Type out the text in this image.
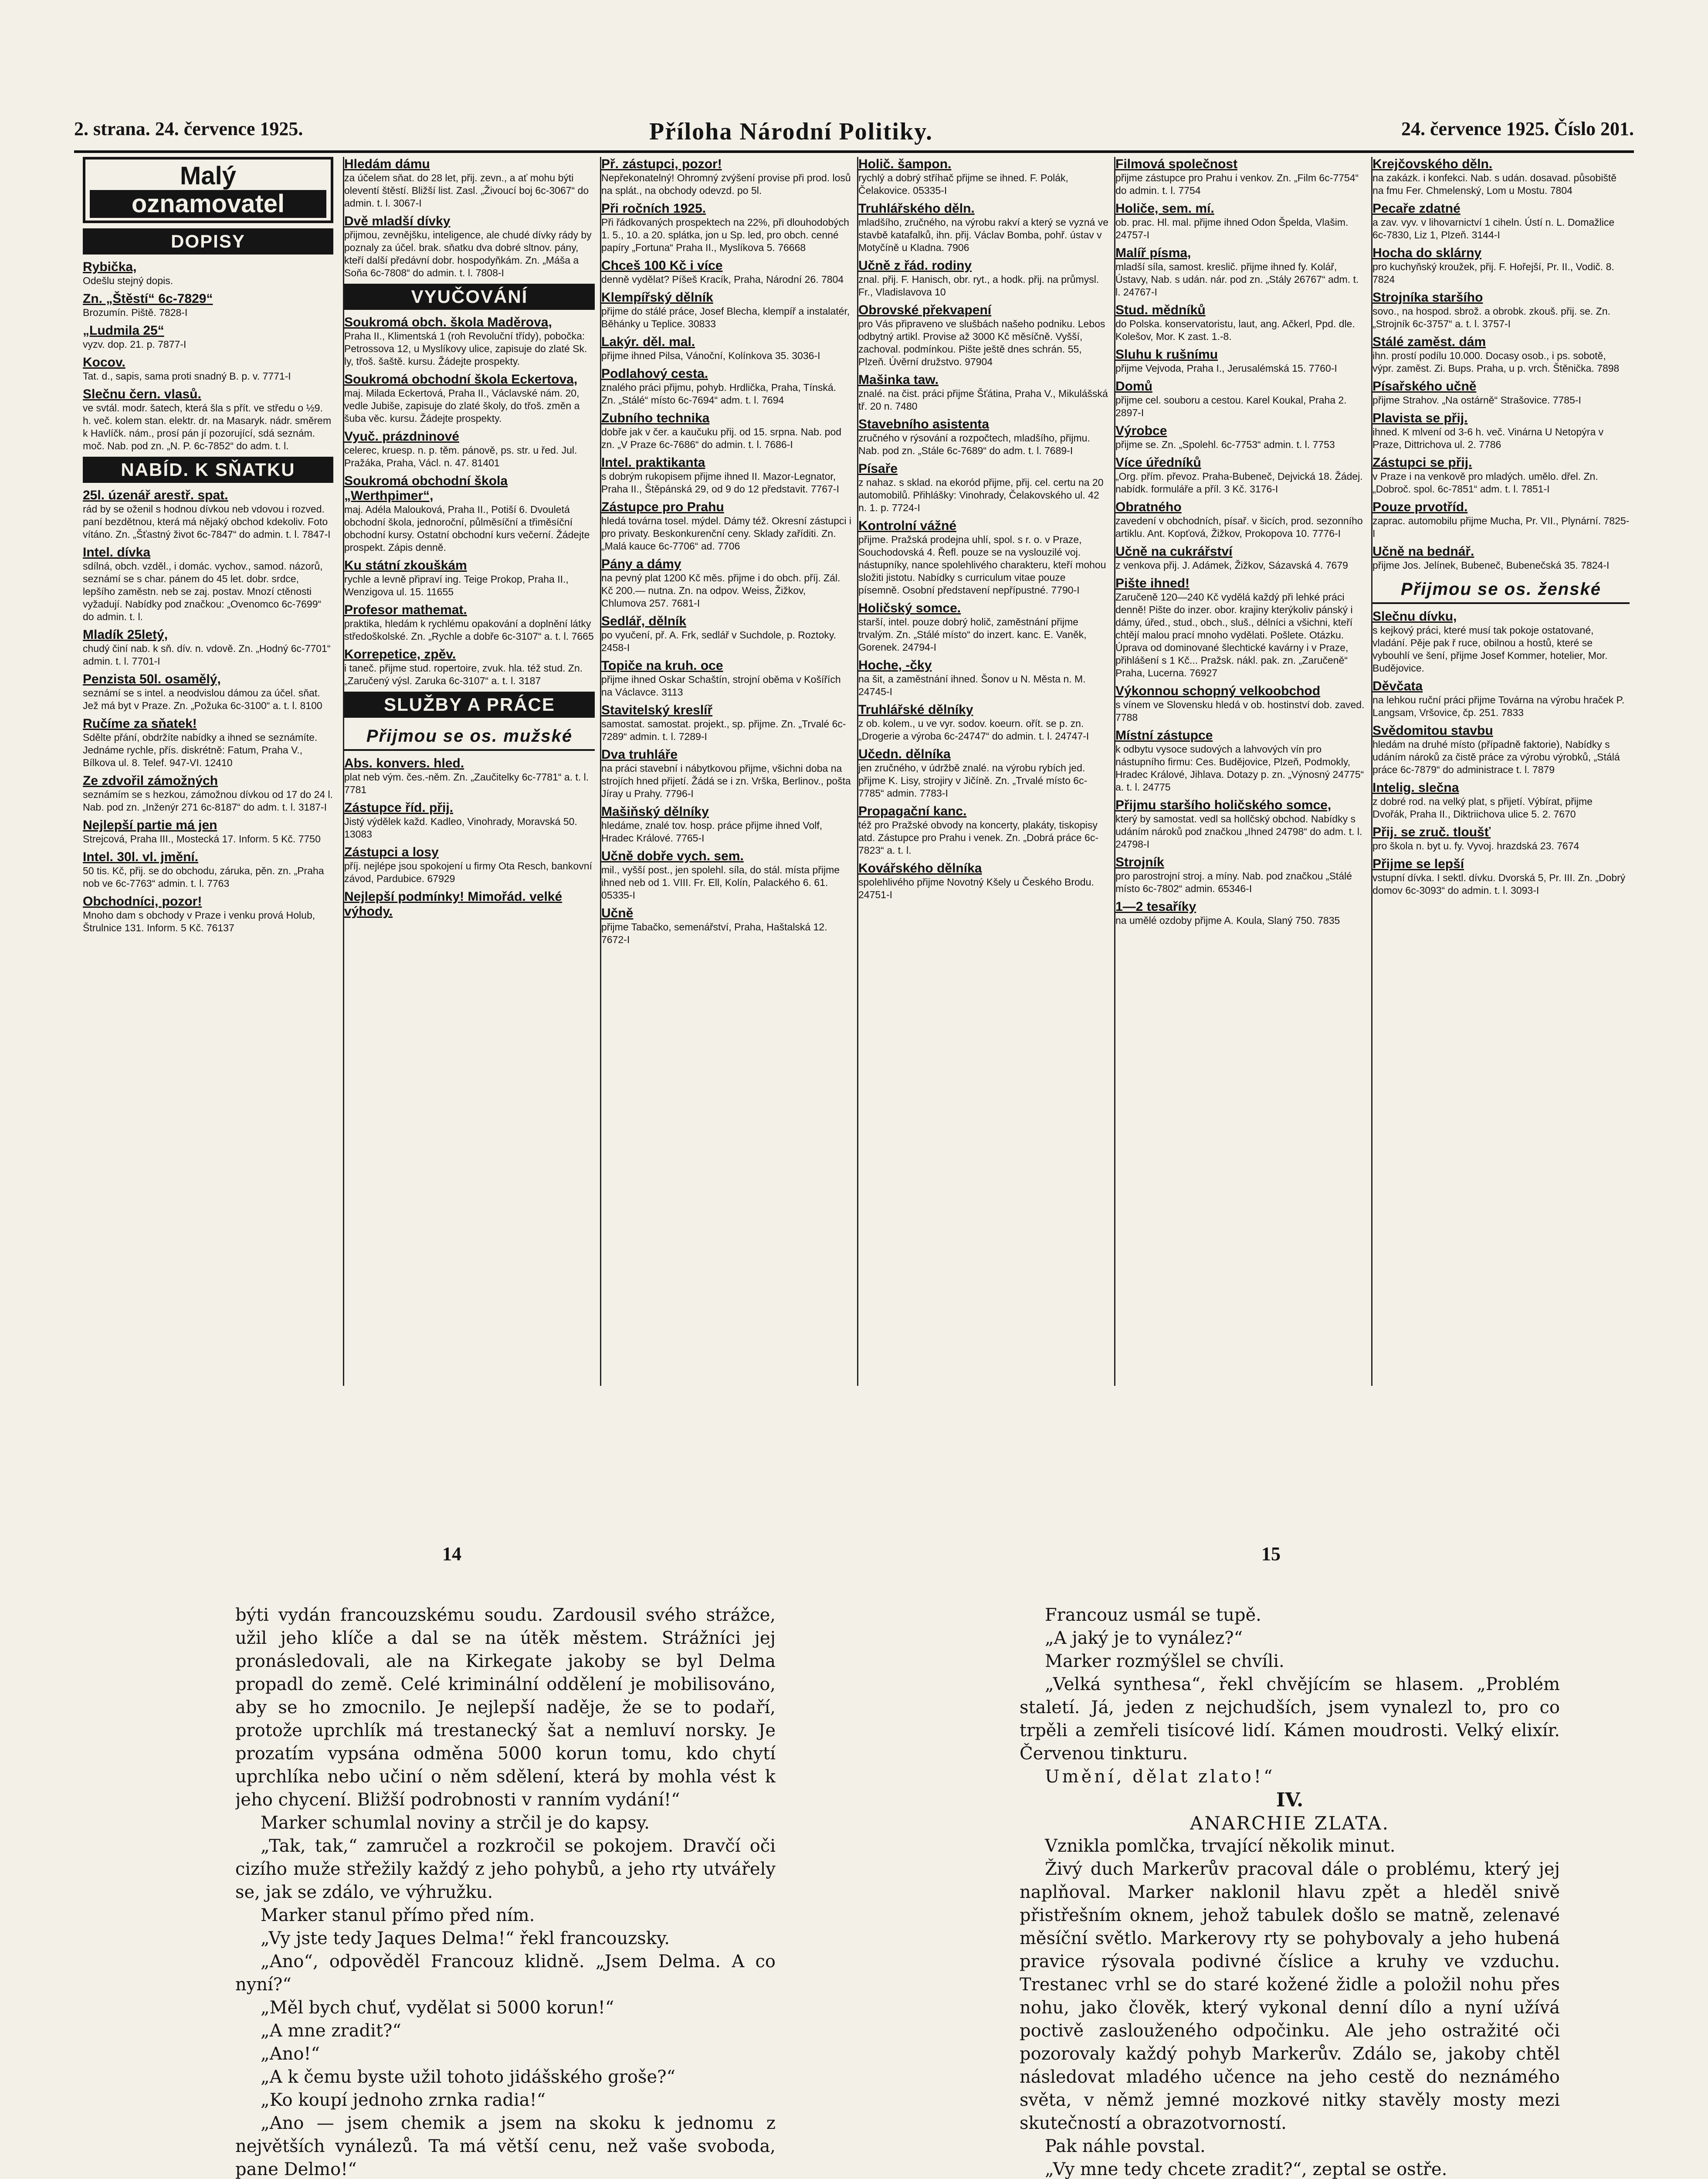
2. strana. 24. července 1925.	Příloha Národní Politiky.	24. července 1925. Číslo 201.
Malý
oznamovatel
DOPISY
Rybička,
Odešlu stejný dopis.
Zn. „Štěstí“ 6c-7829“
Brozumín. Piště. 7828-I
„Ludmila 25“
vyzv. dop. 21. p. 7877-I
Kocov.
Tat. d., sapis, sama proti snadný B. p. v. 7771-I
Slečnu čern. vlasů.
ve svtál. modr. šatech, která šla s přít. ve středu o ½9. h. več. kolem stan. elektr. dr. na Masaryk. nádr. směrem k Havlíčk. nám., prosí pán jí pozorující, sdá seznám. moč. Nab. pod zn. „N. P. 6c-7852“ do adm. t. l.
NABÍD. K SŇATKU
25l. úzenář arestř. spat.
rád by se oženil s hodnou dívkou neb vdovou i rozved. paní bezdětnou, která má nějaký obchod kdekoliv. Foto vítáno. Zn. „Šťastný život 6c-7847“ do admin. t. l. 7847-I
Intel. dívka
sdílná, obch. vzděl., i domác. vychov., samod. názorů, seznámí se s char. pánem do 45 let. dobr. srdce, lepšího zaměstn. neb se zaj. postav. Mnozí ctěnosti vyžadují. Nabídky pod značkou: „Ovenomco 6c-7699“ do admin. t. l.
Mladík 25letý,
chudý činí nab. k sň. dív. n. vdově. Zn. „Hodný 6c-7701“ admin. t. l. 7701-I
Penzista 50l. osamělý,
seznámí se s intel. a neodvislou dámou za účel. sňat. Jež má byt v Praze. Zn. „Požuka 6c-3100“ a. t. l. 8100
Ručíme za sňatek!
Sdělte přání, obdržíte nabídky a ihned se seznámíte. Jednáme rychle, přís. diskrétně: Fatum, Praha V., Bílkova ul. 8. Telef. 947-VI. 12410
Ze zdvořil zámožných
seznámím se s hezkou, zámožnou dívkou od 17 do 24 l. Nab. pod zn. „Inženýr 271 6c-8187“ do adm. t. l. 3187-I
Nejlepší partie má jen
Strejcová, Praha III., Mostecká 17. Inform. 5 Kč. 7750
Intel. 30l. vl. jmění.
50 tis. Kč, přij. se do obchodu, záruka, pěn. zn. „Praha nob ve 6c-7763“ admin. t. l. 7763
Obchodníci, pozor!
Mnoho dam s obchody v Praze i venku prová Holub, Štrulnice 131. Inform. 5 Kč. 76137
Hledám dámu
za účelem sňat. do 28 let, přij. zevn., a ať mohu býti oleventí štěstí. Bližší list. Zasl. „Živoucí boj 6c-3067“ do admin. t. l. 3067-I
Dvě mladší dívky
přijmou, zevnějšku, inteligence, ale chudé dívky rády by poznaly za účel. brak. sňatku dva dobré sltnov. pány, kteří další předávní dobr. hospodyňkám. Zn. „Máša a Soňa 6c-7808“ do admin. t. l. 7808-I
VYUČOVÁNÍ
Soukromá obch. škola Maděrova,
Praha II., Klimentská 1 (roh Revoluční třídy), pobočka: Petrossova 12, u Myslíkovy ulice, zapisuje do zlaté Sk. ly, třoš. šaště. kursu. Žádejte prospekty.
Soukromá obchodní škola Eckertova,
maj. Milada Eckertová, Praha II., Václavské nám. 20, vedle Jubiše, zapisuje do zlaté školy, do třoš. změn a šuba věc. kursu. Žádejte prospekty.
Vyuč. prázdninové
celerec, kruesp. n. p. těm. pánově, ps. str. u řed. Jul. Pražáka, Praha, Václ. n. 47. 81401
Soukromá obchodní škola „Werthpimer“,
maj. Adéla Malouková, Praha II., Potiší 6. Dvouletá obchodní škola, jednoroční, půlměsíční a třiměsíční obchodní kursy. Ostatní obchodní kurs večerní. Žádejte prospekt. Zápis denně.
Ku státní zkouškám
rychle a levně připraví ing. Teige Prokop, Praha II., Wenzigova ul. 15. 11655
Profesor mathemat.
praktika, hledám k rychlému opakování a doplnění látky středoškolské. Zn. „Rychle a dobře 6c-3107“ a. t. l. 7665
Korrepetice, zpěv.
i taneč. přijme stud. ropertoire, zvuk. hla. též stud. Zn. „Zaručený výsl. Zaruka 6c-3107“ a. t. l. 3187
SLUŽBY A PRÁCE
Přijmou se os. mužské
Abs. konvers. hled.
plat neb vým. čes.-něm. Zn. „Zaučitelky 6c-7781“ a. t. l. 7781
Zástupce říd. přij.
Jistý výdělek každ. Kadleo, Vinohrady, Moravská 50. 13083
Zástupci a losy
příj. nejlépe jsou spokojení u firmy Ota Resch, bankovní závod, Pardubice. 67929
Nejlepší podmínky! Mimořád. velké výhody.
Př. zástupci, pozor!
Nepřekonatelný! Ohromný zvýšení provise při prod. losů na splát., na obchody odevzd. po 5l.
Při ročních 1925.
Při řádkovaných prospektech na 22%, při dlouhodobých 1. 5., 10. a 20. splátka, jon u Sp. led, pro obch. cenné papíry „Fortuna“ Praha II., Myslíkova 5. 76668
Chceš 100 Kč i více
denně vydělat? Píšeš Kracík, Praha, Národní 26. 7804
Klempířský dělník
přijme do stálé práce, Josef Blecha, klempíř a instalatér, Běhánky u Teplice. 30833
Lakýr. děl. mal.
přijme ihned Pilsa, Vánoční, Kolínkova 35. 3036-I
Podlahový cesta.
znalého práci přijmu, pohyb. Hrdlička, Praha, Tínská. Zn. „Stálé“ místo 6c-7694“ adm. t. l. 7694
Zubního technika
dobře jak v čer. a kaučuku přij. od 15. srpna. Nab. pod zn. „V Praze 6c-7686“ do admin. t. l. 7686-I
Intel. praktikanta
s dobrým rukopisem přijme ihned II. Mazor-Legnator, Praha II., Štěpánská 29, od 9 do 12 představit. 7767-I
Zástupce pro Prahu
hledá továrna tosel. mýdel. Dámy též. Okresní zástupci i pro privaty. Beskonkurenční ceny. Sklady zaříditi. Zn. „Malá kauce 6c-7706“ ad. 7706
Pány a dámy
na pevný plat 1200 Kč měs. přijme i do obch. příj. Zál. Kč 200.— nutna. Zn. na odpov. Weiss, Žižkov, Chlumova 257. 7681-I
Sedlář, dělník
po vyučení, př. A. Frk, sedlář v Suchdole, p. Roztoky. 2458-I
Topiče na kruh. oce
přijme ihned Oskar Schaštín, strojní oběma v Košířích na Václavce. 3113
Stavitelský kreslíř
samostat. samostat. projekt., sp. přijme. Zn. „Trvalé 6c-7289“ admin. t. l. 7289-I
Dva truhláře
na práci stavební i nábytkovou přijme, všichni doba na strojích hned přijetí. Žádá se i zn. Vrška, Berlinov., pošta Jíray u Prahy. 7796-I
Mašiňský dělníky
hledáme, znalé tov. hosp. práce přijme ihned Volf, Hradec Králové. 7765-I
Učně dobře vych. sem.
mil., vyšší post., jen spolehl. síla, do stál. místa přijme ihned neb od 1. VIII. Fr. Ell, Kolín, Palackého 6. 61. 05335-I
Učně
přijme Tabačko, semenářství, Praha, Haštalská 12. 7672-I
Holič. šampon.
rychlý a dobrý stříhač přijme se ihned. F. Polák, Čelakovice. 05335-I
Truhlářského děln.
mladšího, zručného, na výrobu rakví a který se vyzná ve stavbě katafalků, ihn. přij. Václav Bomba, pohř. ústav v Motyčíně u Kladna. 7906
Učně z řád. rodiny
znal. přij. F. Hanisch, obr. ryt., a hodk. přij. na průmysl. Fr., Vladislavova 10
Obrovské překvapení
pro Vás připraveno ve slušbách našeho podniku. Lebos odbytný artikl. Provise až 3000 Kč měsíčně. Vyšší, zachoval. podmínkou. Pište ještě dnes schrán. 55, Plzeň. Úvěrní družstvo. 97904
Mašinka taw.
znalé. na čist. práci přijme Šťátina, Praha V., Mikulášská tř. 20 n. 7480
Stavebního asistenta
zručného v rýsování a rozpočtech, mladšího, přijmu. Nab. pod zn. „Stále 6c-7689“ do adm. t. l. 7689-I
Písaře
z nahaz. s sklad. na ekoród přijme, přij. cel. certu na 20 automobilů. Přihlášky: Vinohrady, Čelakovského ul. 42 n. 1. p. 7724-I
Kontrolní vážné
přijme. Pražská prodejna uhlí, spol. s r. o. v Praze, Souchodovská 4. Řefl. pouze se na vyslouzilé voj. nástupníky, nance spolehlivého charakteru, kteří mohou složiti jistotu. Nabídky s curriculum vitae pouze písemně. Osobní představení nepřípustné. 7790-I
Holičský somce.
starší, intel. pouze dobrý holič, zaměstnání přijme trvalým. Zn. „Stálé místo“ do inzert. kanc. E. Vaněk, Gorenek. 24794-I
Hoche, -čky
na šit, a zaměstnání ihned. Šonov u N. Města n. M. 24745-I
Truhlářské dělníky
z ob. kolem., u ve vyr. sodov. koeurn. ořít. se p. zn. „Drogerie a výroba 6c-24747“ do admin. t. l. 24747-I
Učedn. dělníka
jen zručného, v údržbě znalé. na výrobu rybích jed. přijme K. Lisy, strojiry v Jičíně. Zn. „Trvalé místo 6c-7785“ admin. 7783-I
Propagační kanc.
též pro Pražské obvody na koncerty, plakáty, tiskopisy atd. Zástupce pro Prahu i venek. Zn. „Dobrá práce 6c-7823“ a. t. l.
Kovářského dělníka
spolehlivého přijme Novotný Kšely u Českého Brodu. 24751-I
Filmová společnost
přijme zástupce pro Prahu i venkov. Zn. „Film 6c-7754“ do admin. t. l. 7754
Holiče, sem. mí.
ob. prac. Hl. mal. přijme ihned Odon Špelda, Vlašim. 24757-I
Malíř písma,
mladší síla, samost. kreslič. přijme ihned fy. Kolář, Ústavy, Nab. s udán. nár. pod zn. „Stály 26767“ adm. t. l. 24767-I
Stud. mědníků
do Polska. konservatoristu, laut, ang. Ačkerl, Ppd. dle. Kolešov, Mor. K zast. 1.-8.
Sluhu k rušnímu
přijme Vejvoda, Praha I., Jerusalémská 15. 7760-I
Domů
přijme cel. souboru a cestou. Karel Koukal, Praha 2. 2897-I
Výrobce
přijme se. Zn. „Spolehl. 6c-7753“ admin. t. l. 7753
Více úředníků
„Org. přím. převoz. Praha-Bubeneč, Dejvická 18. Žádej. nabídk. formuláře a příl. 3 Kč. 3176-I
Obratného
zavedení v obchodních, písař. v šicích, prod. sezonního artiklu. Ant. Kopťová, Žižkov, Prokopova 10. 7776-I
Učně na cukrářství
z venkova přij. J. Adámek, Žižkov, Sázavská 4. 7679
Pište ihned!
Zaručeně 120—240 Kč vydělá každý při lehké práci denně! Pište do inzer. obor. krajiny kterýkoliv pánský i dámy, úřed., stud., obch., sluš., délníci a všichni, kteří chtějí malou prací mnoho vydělati. Pošlete. Otázku. Úprava od dominované šlechtické kavárny i v Praze, přihlášení s 1 Kč... Pražsk. nákl. pak. zn. „Zaručeně“ Praha, Lucerna. 76927
Výkonnou schopný velkoobchod
s vínem ve Slovensku hledá v ob. hostinství dob. zaved. 7788
Místní zástupce
k odbytu vysoce sudových a lahvových vín pro nástupního firmu: Ces. Budějovice, Plzeň, Podmokly, Hradec Králové, Jihlava. Dotazy p. zn. „Výnosný 24775“ a. t. l. 24775
Přijmu staršího holičského somce,
který by samostat. vedl sa hollčský obchod. Nabídky s udáním nároků pod značkou „Ihned 24798“ do adm. t. l. 24798-I
Strojník
pro parostrojní stroj. a míny. Nab. pod značkou „Stálé místo 6c-7802“ admin. 65346-I
1—2 tesaříky
na umělé ozdoby přijme A. Koula, Slaný 750. 7835
Krejčovského děln.
na zakázk. i konfekci. Nab. s udán. dosavad. působiště na fmu Fer. Chmelenský, Lom u Mostu. 7804
Pecaře zdatné
a zav. vyv. v lihovarnictví 1 ciheln. Ústí n. L. Domažlice 6c-7830, Liz 1, Plzeň. 3144-I
Hocha do sklárny
pro kuchyňský kroužek, přij. F. Hořejší, Pr. II., Vodič. 8. 7824
Strojníka staršího
sovo., na hospod. sbrož. a obrobk. zkouš. přij. se. Zn. „Strojník 6c-3757“ a. t. l. 3757-I
Stálé zaměst. dám
ihn. prostí podílu 10.000. Docasy osob., i ps. sobotě, výpr. zaměst. Zi. Bups. Praha, u p. vrch. Štěnička. 7898
Písařského učně
přijme Strahov. „Na ostárně“ Strašovice. 7785-I
Plavista se přij.
ihned. K mlvení od 3-6 h. več. Vinárna U Netopýra v Praze, Dittrichova ul. 2. 7786
Zástupci se přij.
v Praze i na venkově pro mladých. umělo. dřel. Zn. „Dobroč. spol. 6c-7851“ adm. t. l. 7851-I
Pouze prvotříd.
zaprac. automobilu přijme Mucha, Pr. VII., Plynární. 7825-I
Učně na bednář.
přijme Jos. Jelínek, Bubeneč, Bubenečská 35. 7824-I
Přijmou se os. ženské
Slečnu dívku,
s kejkový práci, které musí tak pokoje ostatované, vladání. Pěje pak ř ruce, obilnou a hostů, které se vybouhlí ve šení, přijme Josef Kommer, hotelier, Mor. Budějovice.
Děvčata
na lehkou ruční práci přijme Továrna na výrobu hraček P. Langsam, Vršovice, čp. 251. 7833
Svědomitou stavbu
hledám na druhé místo (případně faktorie), Nabídky s udáním nároků za čistě práce za výrobu výrobků, „Stálá práce 6c-7879“ do administrace t. l. 7879
Intelig. slečna
z dobré rod. na velký plat, s přijetí. Výbírat, přijme Dvořák, Praha II., Diktriichova ulice 5. 2. 7670
Přij. se zruč. tloušť
pro škola n. byt u. fy. Vyvoj. hrazdská 23. 7674
Přijme se lepší
vstupní dívka. I sektl. dívku. Dvorská 5, Pr. III. Zn. „Dobrý domov 6c-3093“ do admin. t. l. 3093-I
14	15

býti vydán francouzskému soudu. Zardousil svého strážce, užil jeho klíče a dal se na útěk městem. Strážníci jej pronásledovali, ale na Kirkegate jakoby se byl Delma propadl do země. Celé kriminální oddělení je mobilisováno, aby se ho zmocnilo. Je nejlepší naděje, že se to podaří, protože uprchlík má trestanecký šat a nemluví norsky. Je prozatím vypsána odměna 5000 korun tomu, kdo chytí uprchlíka nebo učiní o něm sdělení, která by mohla vést k jeho chycení. Bližší podrobnosti v ranním vydání!“

Marker schumlal noviny a strčil je do kapsy.

„Tak, tak,“ zamručel a rozkročil se pokojem. Dravčí oči cizího muže střežily každý z jeho pohybů, a jeho rty utvářely se, jak se zdálo, ve výhružku.

Marker stanul přímo před ním.

„Vy jste tedy Jaques Delma!“ řekl francouzsky.

„Ano“, odpověděl Francouz klidně. „Jsem Delma. A co nyní?“

„Měl bych chuť, vydělat si 5000 korun!“

„A mne zradit?“

„Ano!“

„A k čemu byste užil tohoto jidášského groše?“

„Ko koupí jednoho zrnka radia!“

„Ano — jsem chemik a jsem na skoku k jednomu z největších vynálezů. Ta má větší cenu, než vaše svoboda, pane Delmo!“

Francouz usmál se tupě.

„A jaký je to vynález?“

Marker rozmýšlel se chvíli.

„Velká synthesa“, řekl chvějícím se hlasem. „Problém staletí. Já, jeden z nejchudších, jsem vynalezl to, pro co trpěli a zemřeli tisícové lidí. Kámen moudrosti. Velký elixír. Červenou tinkturu.

Umění, dělat zlato!“

IV.

ANARCHIE ZLATA.

Vznikla pomlčka, trvající několik minut.

Živý duch Markerův pracoval dále o problému, který jej naplňoval. Marker naklonil hlavu zpět a hleděl snivě přistřešním oknem, jehož tabulek došlo se matně, zelenavé měsíční světlo. Markerovy rty se pohybovaly a jeho hubená pravice rýsovala podivné číslice a kruhy ve vzduchu. Trestanec vrhl se do staré kožené židle a položil nohu přes nohu, jako člověk, který vykonal denní dílo a nyní užívá poctivě zaslouženého odpočinku. Ale jeho ostražité oči pozorovaly každý pohyb Markerův. Zdálo se, jakoby chtěl následovat mladého učence na jeho cestě do neznámého světa, v němž jemné mozkové nitky stavěly mosty mezi skutečností a obrazotvorností.

Pak náhle povstal.

„Vy mne tedy chcete zradit?“, zeptal se ostře.
